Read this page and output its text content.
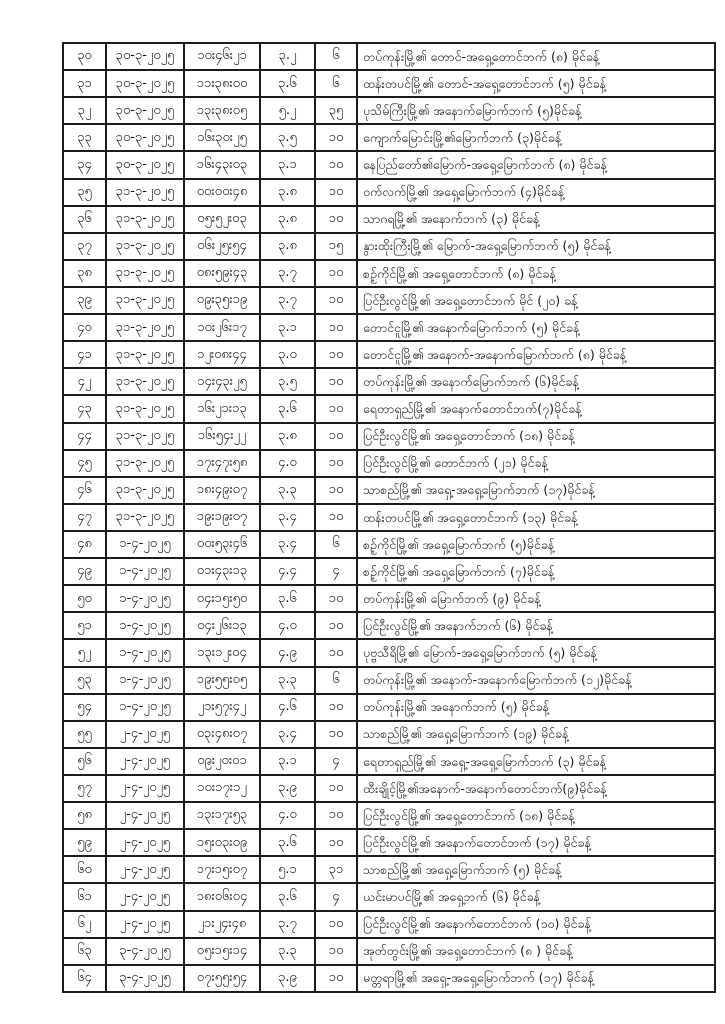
၃၀	၃၀-၃-၂၀၂၅	၁၀း၄၆း၂၁	၃.၂	၆	တပ်ကုန်းမြို့၏ တောင်-အရှေ့တောင်ဘက် (၈) မိုင်ခန့်
၃၁	၃၀-၃-၂၀၂၅	၁၁း၃၈း၀၀	၃.၆	၆	ထန်းတပင်မြို့၏ တောင်-အရှေ့တောင်ဘက် (၅) မိုင်ခန့်
၃၂	၃၀-၃-၂၀၂၅	၁၃း၃၈း၀၅	၅.၂	၃၅	ပုသိမ်ကြီးမြို့၏ အနောက်မြောက်ဘက် (၅)မိုင်ခန့်
၃၃	၃၀-၃-၂၀၂၅	၁၆း၃၀း၂၅	၃.၅	၁၀	ကျောက်မြောင်းမြို့၏မြောက်ဘက် (၃)မိုင်ခန့်
၃၄	၃၀-၃-၂၀၂၅	၁၆း၄၃း၀၃	၃.၁	၁၀	နေပြည်တော်၏မြောက်-အရှေ့မြောက်ဘက် (၈) မိုင်ခန့်
၃၅	၃၁-၃-၂၀၂၅	၀၀း၀၀း၄၈	၃.၈	၁၀	ဝက်လက်မြို့၏ အရှေ့မြောက်ဘက် (၄)မိုင်ခန့်
၃၆	၃၁-၃-၂၀၂၅	၀၅း၅၂း၀၃	၃.၈	၁၀	သာဂရမြို့၏ အနောက်ဘက် (၃) မိုင်ခန့်
၃၇	၃၁-၃-၂၀၂၅	၀၆း၂၅း၅၄	၃.၈	၁၅	နွားထိုးကြီးမြို့၏ မြောက်-အရှေ့မြောက်ဘက် (၅) မိုင်ခန့်
၃၈	၃၁-၃-၂၀၂၅	၀၈း၅၉း၄၃	၃.၇	၁၀	စဉ့်ကိုင်မြို့၏ အရှေ့တောင်ဘက် (၈) မိုင်ခန့်
၃၉	၃၁-၃-၂၀၂၅	၀၉း၃၅း၁၉	၃.၇	၁၀	ပြင်ဦးလွင်မြို့၏ အရှေ့တောင်ဘက် မိုင် (၂၀) ခန့်
၄၀	၃၁-၃-၂၀၂၅	၁၀း၂၆း၁၇	၃.၁	၁၀	တောင်ငူမြို့၏ အနောက်မြောက်ဘက် (၅) မိုင်ခန့်
၄၁	၃၁-၃-၂၀၂၅	၁၂း၀၈း၄၄	၃.၀	၁၀	တောင်ငူမြို့၏ အနောက်-အနောက်မြောက်ဘက် (၈) မိုင်ခန့်
၄၂	၃၁-၃-၂၀၂၅	၁၄း၄၃း၂၅	၃.၅	၁၀	တပ်ကုန်းမြို့၏ အနောက်မြောက်ဘက် (၆)မိုင်ခန့်
၄၃	၃၁-၃-၂၀၂၅	၁၆း၂၁း၁၃	၃.၆	၁၀	ရေတာရှည်မြို့၏ အနောက်တောင်ဘက်(၇)မိုင်ခန့်
၄၄	၃၁-၃-၂၀၂၅	၁၆း၅၄း၂၂	၃.၈	၁၀	ပြင်ဦးလွင်မြို့၏ အရှေ့တောင်ဘက် (၁၈) မိုင်ခန့်
၄၅	၃၁-၃-၂၀၂၅	၁၇း၄၇း၅၈	၄.၀	၁၀	ပြင်ဦးလွင်မြို့၏ တောင်ဘက် (၂၁) မိုင်ခန့်
၄၆	၃၁-၃-၂၀၂၅	၁၈း၄၉း၀၇	၃.၃	၁၀	သာစည်မြို့၏ အရှေ့-အရှေ့မြောက်ဘက် (၁၇)မိုင်ခန့်
၄၇	၃၁-၃-၂၀၂၅	၁၉း၁၉း၀၇	၃.၄	၁၀	ထန်းတပင်မြို့၏ အရှေ့တောင်ဘက် (၁၃) မိုင်ခန့်
၄၈	၁-၄-၂၀၂၅	၀၀း၅၃း၄၆	၃.၄	၆	စဉ့်ကိုင်မြို့၏ အရှေ့မြောက်ဘက် (၅)မိုင်ခန့်
၄၉	၁-၄-၂၀၂၅	၀၁း၄၃း၁၃	၄.၄	၄	စဉ့်ကိုင်မြို့၏ အရှေ့မြောက်ဘက် (၇)မိုင်ခန့်
၅၀	၁-၄-၂၀၂၅	၀၄း၁၅း၅၀	၃.၆	၁၀	တပ်ကုန်းမြို့၏ မြောက်ဘက် (၉) မိုင်ခန့်
၅၁	၁-၄-၂၀၂၅	၀၄း၂၆း၁၃	၄.၀	၁၀	ပြင်ဦးလွင်မြို့၏ အနောက်ဘက် (၆) မိုင်ခန့်
၅၂	၁-၄-၂၀၂၅	၁၃း၁၂း၀၄	၄.၉	၁၀	ပုဗ္ဗသီရိမြို့၏ မြောက်-အရှေ့မြောက်ဘက် (၅) မိုင်ခန့်
၅၃	၁-၄-၂၀၂၅	၁၉း၅၅း၀၅	၃.၃	၆	တပ်ကုန်းမြို့၏ အနောက်-အနောက်မြောက်ဘက် (၁၂)မိုင်ခန့်
၅၄	၁-၄-၂၀၂၅	၂၁း၅၇း၄၂	၄.၆	၁၀	တပ်ကုန်းမြို့၏ အနောက်ဘက် (၅) မိုင်ခန့်
၅၅	၂-၄-၂၀၂၅	၀၃း၄၈း၀၇	၃.၄	၁၀	သာစည်မြို့၏ အရှေ့မြောက်ဘက် (၁၉) မိုင်ခန့်
၅၆	၂-၄-၂၀၂၅	၀၉း၂၀း၀၁	၃.၁	၄	ရေတာရှည်မြို့၏ အရှေ့-အရှေ့မြောက်ဘက် (၃) မိုင်ခန့်
၅၇	၂-၄-၂၀၂၅	၁၀း၁၇း၁၂	၃.၉	၁၀	ထီးချိုင့်မြို့၏အနောက်-အနောက်တောင်ဘက်(၉)မိုင်ခန့်
၅၈	၂-၄-၂၀၂၅	၁၃း၁၇း၅၃	၄.၀	၁၀	ပြင်ဦးလွင်မြို့၏ အရှေ့တောင်ဘက် (၁၈) မိုင်ခန့်
၅၉	၂-၄-၂၀၂၅	၁၅း၀၃း၀၉	၃.၆	၁၀	ပြင်ဦးလွင်မြို့၏ အနောက်တောင်ဘက် (၁၇) မိုင်ခန့်
၆၀	၂-၄-၂၀၂၅	၁၇း၁၅း၀၇	၅.၁	၃၁	သာစည်မြို့၏ အရှေ့မြောက်ဘက် (၅) မိုင်ခန့်
၆၁	၂-၄-၂၀၂၅	၁၈း၀၆း၀၄	၃.၆	၄	ယင်းမာပင်မြို့၏ အရှေ့ဘက် (၆) မိုင်ခန့်
၆၂	၂-၄-၂၀၂၅	၂၁း၂၄း၄၈	၃.၇	၁၀	ပြင်ဦးလွင်မြို့၏ အနောက်တောင်ဘက် (၁၀) မိုင်ခန့်
၆၃	၃-၄-၂၀၂၅	၀၅း၁၅း၁၄	၃.၃	၁၀	အုတ်တွင်းမြို့၏ အရှေ့တောင်ဘက် (၈ ) မိုင်ခန့်
၆၄	၃-၄-၂၀၂၅	၀၇း၅၅း၅၄	၃.၉	၁၀	မတ္တရာမြို့၏ အရှေ့-အရှေ့မြောက်ဘက် (၁၇) မိုင်ခန့်
